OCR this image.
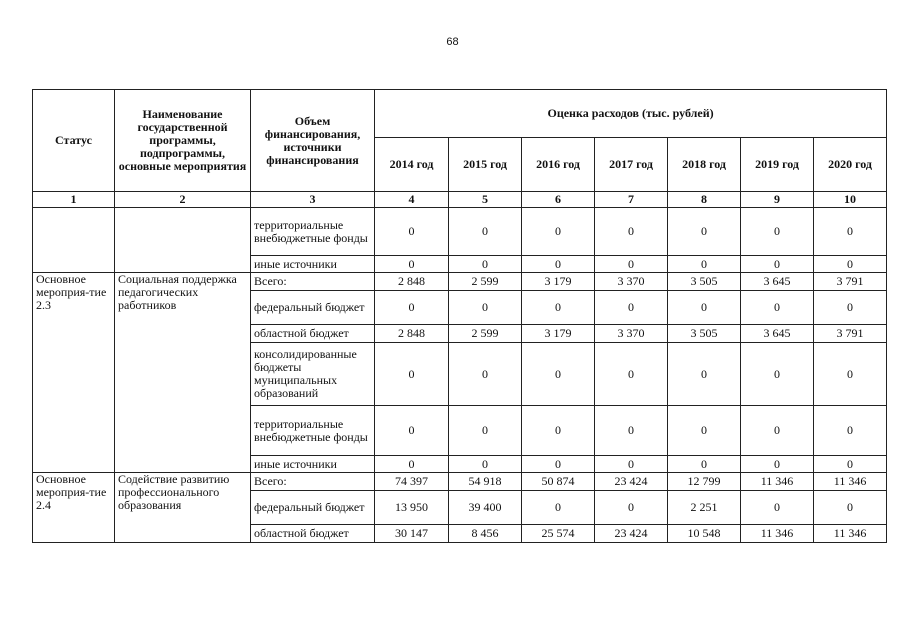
68
Статус	Наименование государственной программы, подпрограммы, основные мероприятия	Объем финансирования, источники финансирования	Оценка расходов (тыс. рублей)						
			2014 год	2015 год	2016 год	2017 год	2018 год	2019 год	2020 год
1	2	3	4	5	6	7	8	9	10
		территориальные внебюджетные фонды	0	0	0	0	0	0	0
		иные источники	0	0	0	0	0	0	0
Основное мероприя-тие 2.3	Социальная поддержка педагогических работников	Всего:	2 848	2 599	3 179	3 370	3 505	3 645	3 791
		федеральный бюджет	0	0	0	0	0	0	0
		областной бюджет	2 848	2 599	3 179	3 370	3 505	3 645	3 791
		консолидированные бюджеты муниципальных образований	0	0	0	0	0	0	0
		территориальные внебюджетные фонды	0	0	0	0	0	0	0
		иные источники	0	0	0	0	0	0	0
Основное мероприя-тие 2.4	Содействие развитию профессионального образования	Всего:	74 397	54 918	50 874	23 424	12 799	11 346	11 346
		федеральный бюджет	13 950	39 400	0	0	2 251	0	0
		областной бюджет	30 147	8 456	25 574	23 424	10 548	11 346	11 346
